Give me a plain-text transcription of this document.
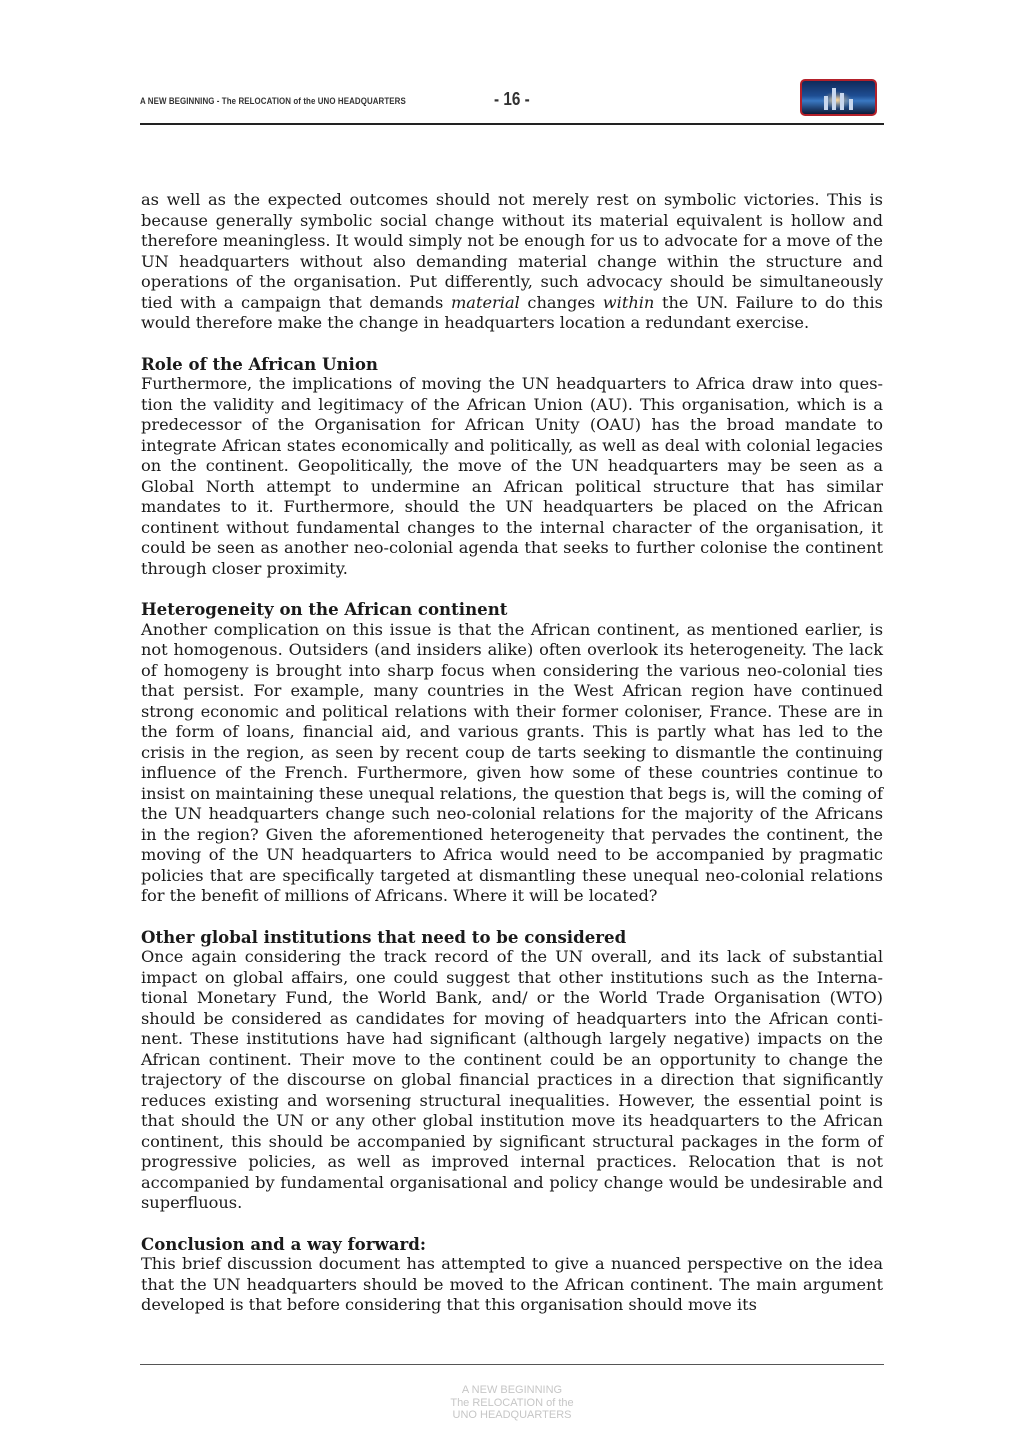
A NEW BEGINNING - The RELOCATION of the UNO HEADQUARTERS	- 16 -

as well as the expected outcomes should not merely rest on symbolic victories. This is because generally symbolic social change without its material equivalent is hollow and therefore meaningless. It would simply not be enough for us to advocate for a move of the UN headquarters without also demanding material change within the structure and operations of the organisation. Put differently, such advocacy should be simultaneously tied with a campaign that demands material changes within the UN. Failure to do this would therefore make the change in headquarters location a redundant exercise.

Role of the African Union

Furthermore, the implications of moving the UN headquarters to Africa draw into question the validity and legitimacy of the African Union (AU). This organisation, which is a predecessor of the Organisation for African Unity (OAU) has the broad mandate to integrate African states economically and politically, as well as deal with colonial legacies on the continent. Geopolitically, the move of the UN headquarters may be seen as a Global North attempt to undermine an African political structure that has similar mandates to it. Furthermore, should the UN headquarters be placed on the African continent without fundamental changes to the internal character of the organisation, it could be seen as another neo-colonial agenda that seeks to further colonise the continent through closer proximity.

Heterogeneity on the African continent

Another complication on this issue is that the African continent, as mentioned earlier, is not homogenous. Outsiders (and insiders alike) often overlook its heterogeneity. The lack of homogeny is brought into sharp focus when considering the various neo-colonial ties that persist. For example, many countries in the West African region have continued strong economic and political relations with their former coloniser, France. These are in the form of loans, financial aid, and various grants. This is partly what has led to the crisis in the region, as seen by recent coup de tarts seeking to dismantle the continuing influence of the French. Furthermore, given how some of these countries continue to insist on maintaining these unequal relations, the question that begs is, will the coming of the UN headquarters change such neo-colonial relations for the majority of the Africans in the region? Given the aforementioned heterogeneity that pervades the continent, the moving of the UN headquarters to Africa would need to be accompanied by pragmatic policies that are specifically targeted at dismantling these unequal neo-colonial relations for the benefit of millions of Africans. Where it will be located?

Other global institutions that need to be considered

Once again considering the track record of the UN overall, and its lack of substantial impact on global affairs, one could suggest that other institutions such as the International Monetary Fund, the World Bank, and/ or the World Trade Organisation (WTO) should be considered as candidates for moving of headquarters into the African continent. These institutions have had significant (although largely negative) impacts on the African continent. Their move to the continent could be an opportunity to change the trajectory of the discourse on global financial practices in a direction that significantly reduces existing and worsening structural inequalities. However, the essential point is that should the UN or any other global institution move its headquarters to the African continent, this should be accompanied by significant structural packages in the form of progressive policies, as well as improved internal practices. Relocation that is not accompanied by fundamental organisational and policy change would be undesirable and superfluous.

Conclusion and a way forward:

This brief discussion document has attempted to give a nuanced perspective on the idea that the UN headquarters should be moved to the African continent. The main argument developed is that before considering that this organisation should move its

A NEW BEGINNING
The RELOCATION of the
UNO HEADQUARTERS
